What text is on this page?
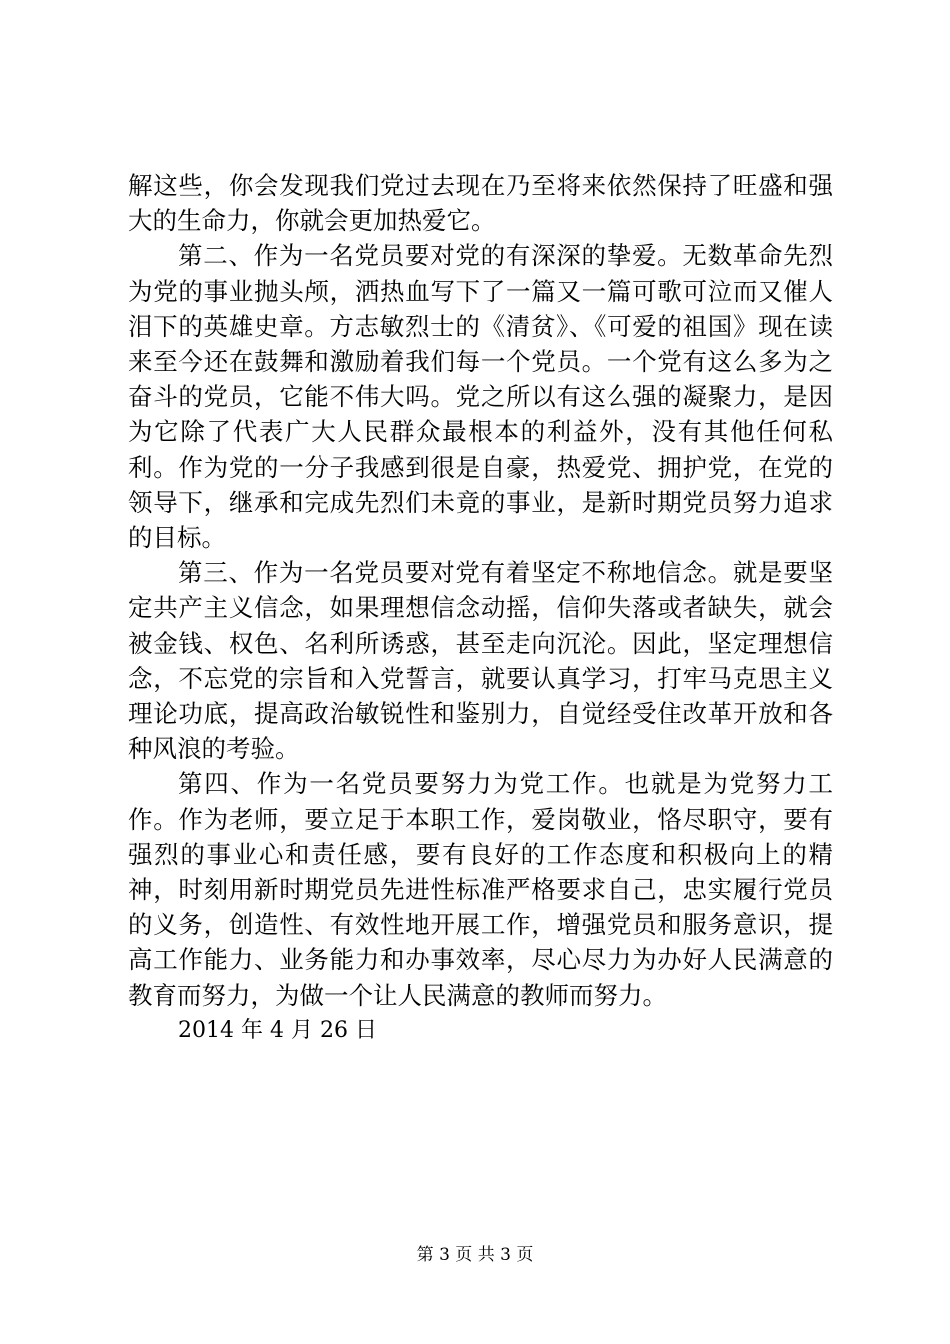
解这些，你会发现我们党过去现在乃至将来依然保持了旺盛和强大的生命力，你就会更加热爱它。

第二、作为一名党员要对党的有深深的挚爱。无数革命先烈为党的事业抛头颅，洒热血写下了一篇又一篇可歌可泣而又催人泪下的英雄史章。方志敏烈士的《清贫》、《可爱的祖国》现在读来至今还在鼓舞和激励着我们每一个党员。一个党有这么多为之奋斗的党员，它能不伟大吗。党之所以有这么强的凝聚力，是因为它除了代表广大人民群众最根本的利益外，没有其他任何私利。作为党的一分子我感到很是自豪，热爱党、拥护党，在党的领导下，继承和完成先烈们未竟的事业，是新时期党员努力追求的目标。

第三、作为一名党员要对党有着坚定不称地信念。就是要坚定共产主义信念，如果理想信念动摇，信仰失落或者缺失，就会被金钱、权色、名利所诱惑，甚至走向沉沦。因此，坚定理想信念，不忘党的宗旨和入党誓言，就要认真学习，打牢马克思主义理论功底，提高政治敏锐性和鉴别力，自觉经受住改革开放和各种风浪的考验。

第四、作为一名党员要努力为党工作。也就是为党努力工作。作为老师，要立足于本职工作，爱岗敬业，恪尽职守，要有强烈的事业心和责任感，要有良好的工作态度和积极向上的精神，时刻用新时期党员先进性标准严格要求自己，忠实履行党员的义务，创造性、有效性地开展工作，增强党员和服务意识，提高工作能力、业务能力和办事效率，尽心尽力为办好人民满意的教育而努力，为做一个让人民满意的教师而努力。

2014 年 4 月 26 日

第 3 页 共 3 页
